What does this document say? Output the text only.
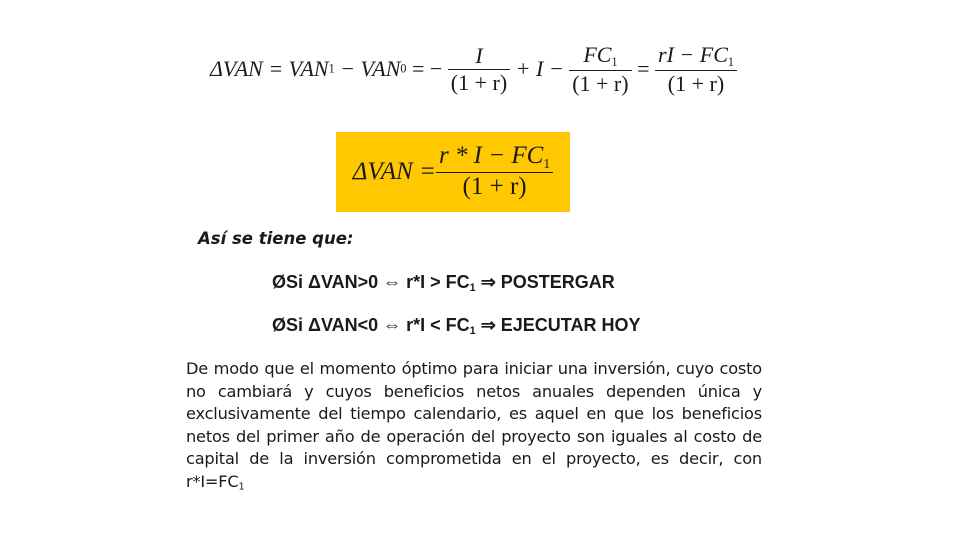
ΔVAN = VAN1 − VAN0 = − $\frac{I}{(1 + r)} + I - \frac{FC_1}{(1 + r)} = \frac{rI - FC_1}{(1 + r)}$
$\Delta VAN = \frac{r * I - FC_1}{(1 + r)}$
Así se tiene que:
ØSi ΔVAN>0 ⇔ $r*I > FC_1$ ⇒ POSTERGAR
ØSi ΔVAN<0 ⇔ $r*I < FC_1$ ⇒ EJECUTAR HOY
De modo que el momento óptimo para iniciar una inversión, cuyo costo no cambiará y cuyos beneficios netos anuales dependen única y exclusivamente del tiempo calendario, es aquel en que los beneficios netos del primer año de operación del proyecto son iguales al costo de capital de la inversión comprometida en el proyecto, es decir, con $r*I=FC_1$
